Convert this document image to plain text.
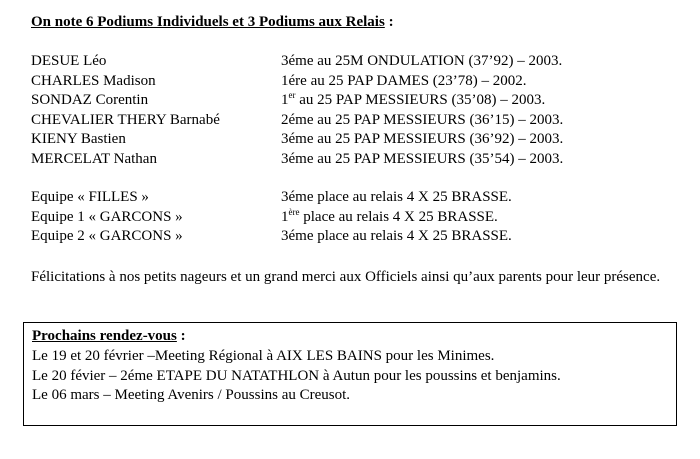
On note 6 Podiums Individuels et 3 Podiums aux Relais :
DESUE Léo	3éme au 25M ONDULATION (37’92) – 2003.
CHARLES Madison	1ére au 25 PAP DAMES (23’78) – 2002.
SONDAZ Corentin	1er au 25 PAP MESSIEURS (35’08) – 2003.
CHEVALIER THERY Barnabé	2éme au 25 PAP MESSIEURS (36’15) – 2003.
KIENY Bastien	3éme au 25 PAP MESSIEURS (36’92) – 2003.
MERCELAT Nathan	3éme au 25 PAP MESSIEURS (35’54) – 2003.
Equipe « FILLES »	3éme place au relais 4 X 25 BRASSE.
Equipe 1 « GARCONS »	1ère place au relais 4 X 25 BRASSE.
Equipe 2 « GARCONS »	3éme place au relais 4 X 25 BRASSE.
Félicitations à nos petits nageurs et un grand merci aux Officiels ainsi qu’aux parents pour leur présence.
Prochains rendez-vous :
Le 19 et 20 février –Meeting Régional à AIX LES BAINS pour les Minimes.
Le 20 févier – 2éme ETAPE DU NATATHLON à Autun pour les poussins et benjamins.
Le 06 mars – Meeting Avenirs / Poussins au Creusot.
